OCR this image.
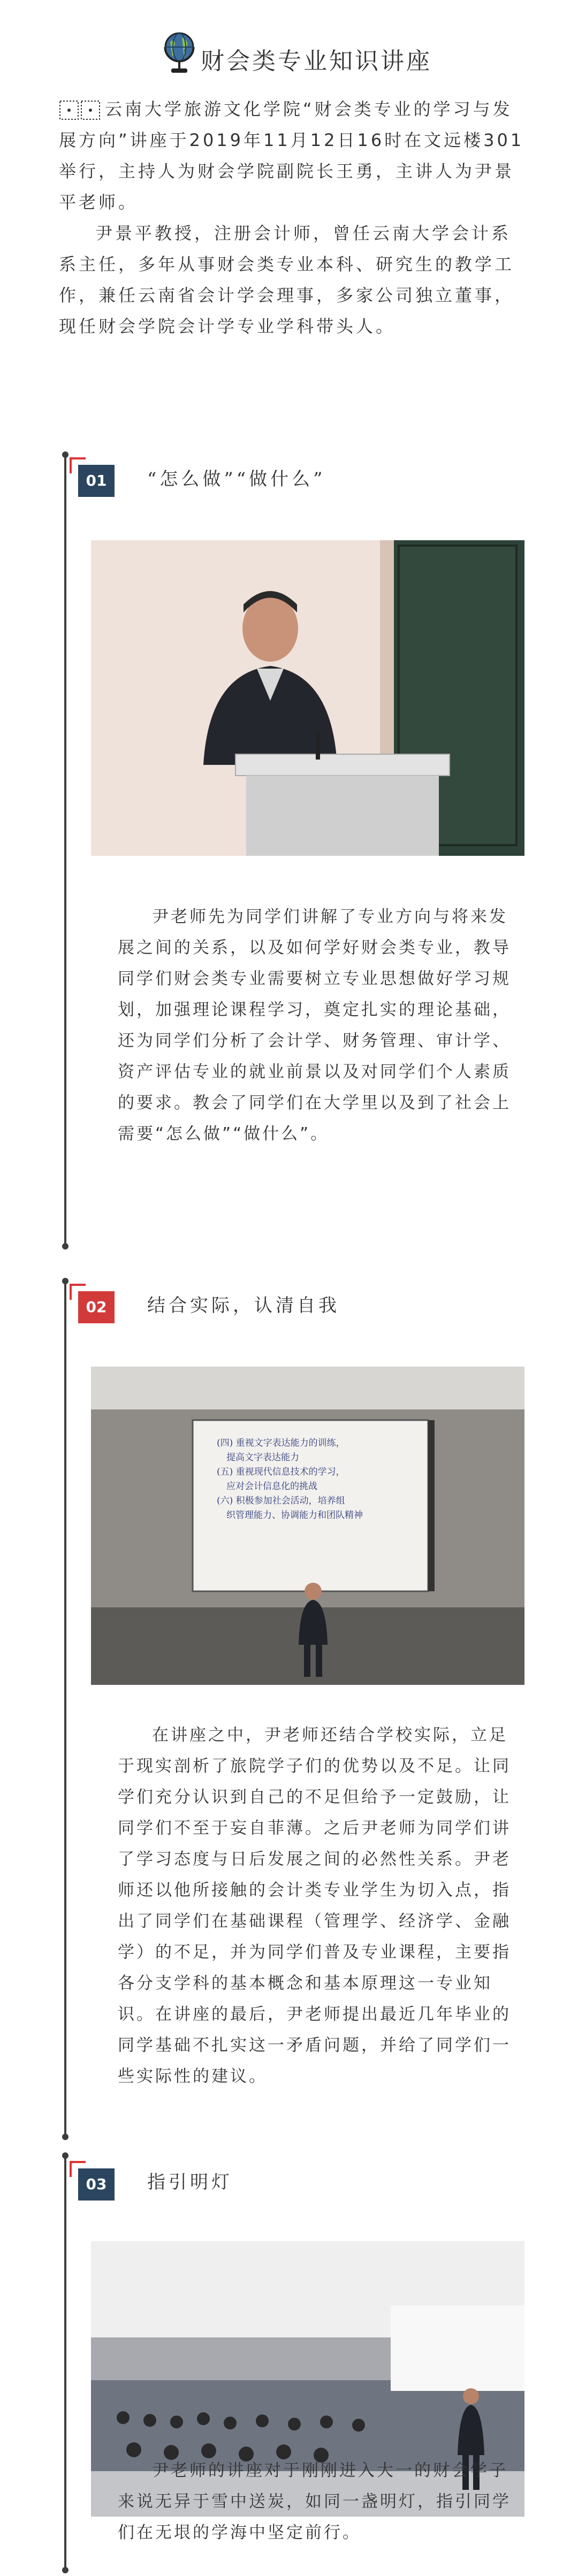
财会类专业知识讲座

云南大学旅游文化学院“财会类专业的学习与发展方向”讲座于2019年11月12日16时在文远楼301举行，主持人为财会学院副院长王勇，主讲人为尹景平老师。

尹景平教授，注册会计师，曾任云南大学会计系系主任，多年从事财会类专业本科、研究生的教学工作，兼任云南省会计学会理事，多家公司独立董事，现任财会学院会计学专业学科带头人。

01	“怎么做”“做什么”
尹老师先为同学们讲解了专业方向与将来发展之间的关系，以及如何学好财会类专业，教导同学们财会类专业需要树立专业思想做好学习规划，加强理论课程学习，奠定扎实的理论基础，还为同学们分析了会计学、财务管理、审计学、资产评估专业的就业前景以及对同学们个人素质的要求。教会了同学们在大学里以及到了社会上需要“怎么做”“做什么”。
02	结合实际，认清自我
(四) 重视文字表达能力的训练，
提高文字表达能力
(五) 重视现代信息技术的学习，
应对会计信息化的挑战
(六) 积极参加社会活动，培养组
织管理能力、协调能力和团队精神
在讲座之中，尹老师还结合学校实际，立足于现实剖析了旅院学子们的优势以及不足。让同学们充分认识到自己的不足但给予一定鼓励，让同学们不至于妄自菲薄。之后尹老师为同学们讲了学习态度与日后发展之间的必然性关系。尹老师还以他所接触的会计类专业学生为切入点，指出了同学们在基础课程（管理学、经济学、金融学）的不足，并为同学们普及专业课程，主要指各分支学科的基本概念和基本原理这一专业知识。在讲座的最后，尹老师提出最近几年毕业的同学基础不扎实这一矛盾问题，并给了同学们一些实际性的建议。
03	指引明灯
尹老师的讲座对于刚刚进入大一的财会学子来说无异于雪中送炭，如同一盏明灯，指引同学们在无垠的学海中坚定前行。
